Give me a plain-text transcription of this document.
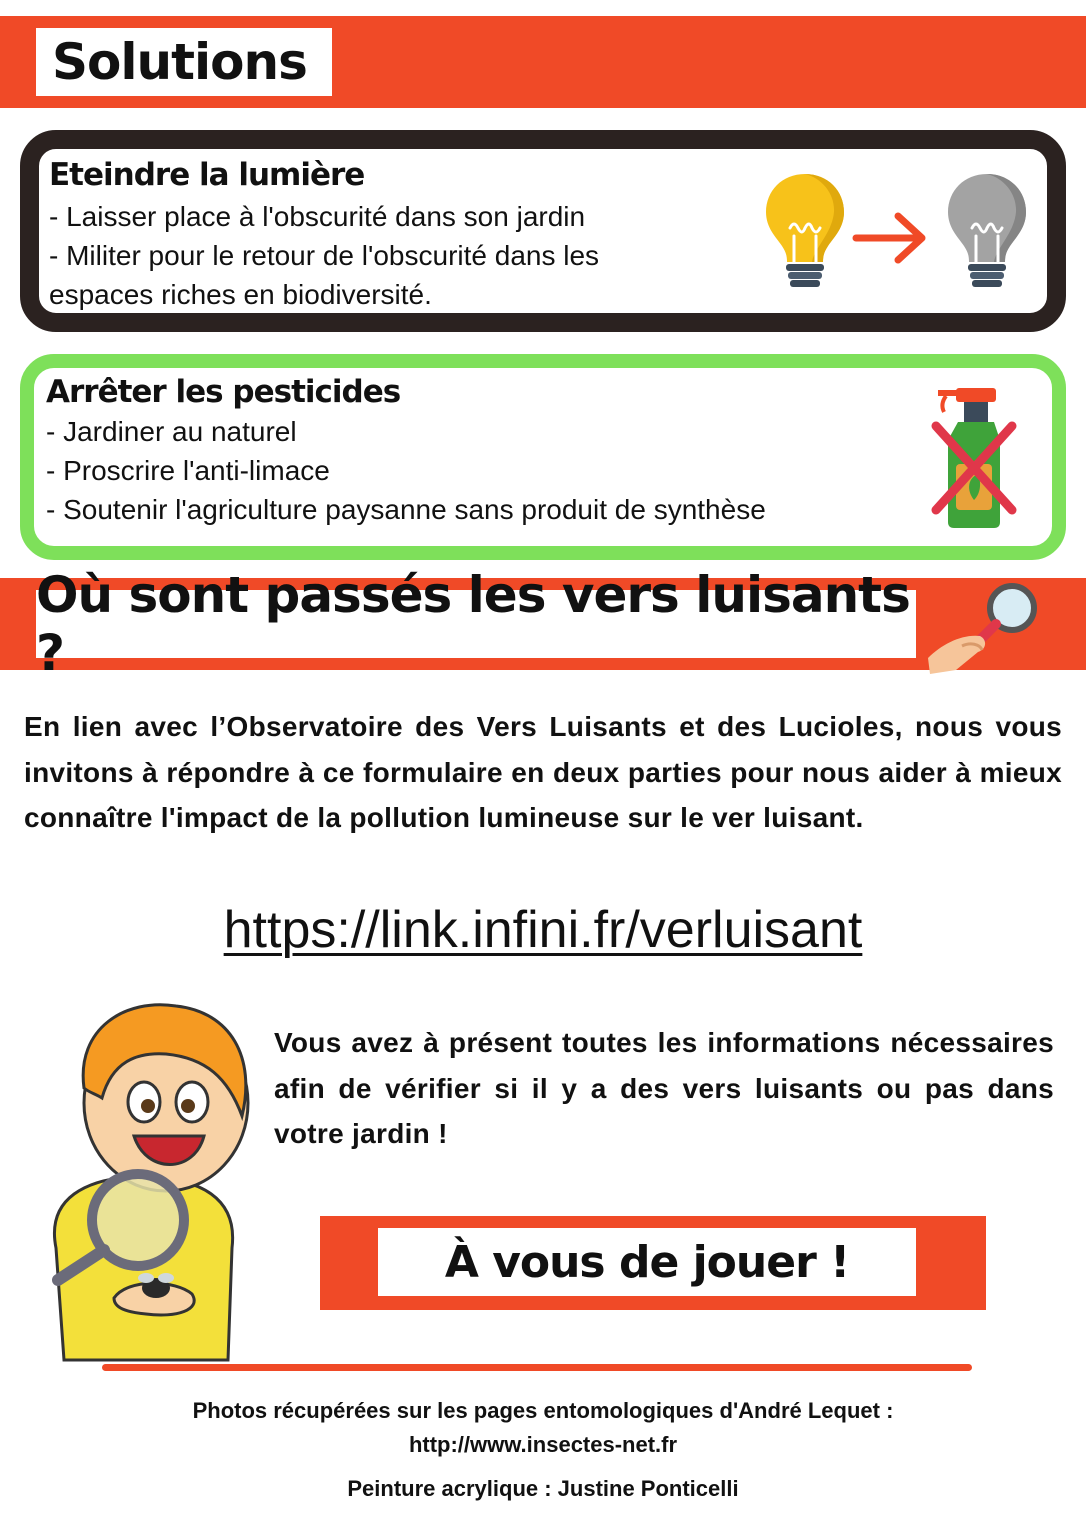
Solutions
Eteindre la lumière
- Laisser place à l'obscurité dans son jardin
- Militer pour le retour de l'obscurité dans les
espaces riches en biodiversité.
Arrêter les pesticides
- Jardiner au naturel
- Proscrire l'anti-limace
- Soutenir l'agriculture paysanne sans produit de synthèse
Où sont passés les vers luisants ?
En lien avec l’Observatoire des Vers Luisants et des Lucioles, nous vous invitons à répondre à ce formulaire en deux parties pour nous aider à mieux connaître l'impact de la pollution lumineuse sur le ver luisant.
https://link.infini.fr/verluisant
Vous avez à présent toutes les informations nécessaires afin de vérifier si il y a des vers luisants ou pas dans votre jardin !
À vous de jouer !
Photos récupérées sur les pages entomologiques d'André Lequet :
http://www.insectes-net.fr
Peinture acrylique : Justine Ponticelli
